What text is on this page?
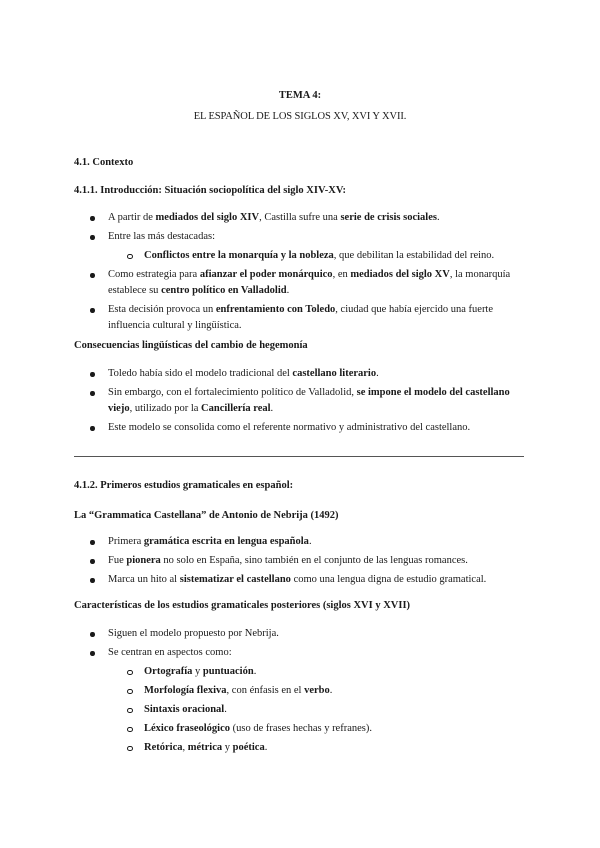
TEMA 4:

EL ESPAÑOL DE LOS SIGLOS XV, XVI Y XVII.

4.1. Contexto

4.1.1. Introducción: Situación sociopolítica del siglo XIV-XV:

A partir de mediados del siglo XIV, Castilla sufre una serie de crisis sociales.
Entre las más destacadas:
Conflictos entre la monarquía y la nobleza, que debilitan la estabilidad del reino.
Como estrategia para afianzar el poder monárquico, en mediados del siglo XV, la monarquía establece su centro político en Valladolid.
Esta decisión provoca un enfrentamiento con Toledo, ciudad que había ejercido una fuerte influencia cultural y lingüística.

Consecuencias lingüísticas del cambio de hegemonía

Toledo había sido el modelo tradicional del castellano literario.
Sin embargo, con el fortalecimiento político de Valladolid, se impone el modelo del castellano viejo, utilizado por la Cancillería real.
Este modelo se consolida como el referente normativo y administrativo del castellano.

4.1.2. Primeros estudios gramaticales en español:

La “Grammatica Castellana” de Antonio de Nebrija (1492)

Primera gramática escrita en lengua española.
Fue pionera no solo en España, sino también en el conjunto de las lenguas romances.
Marca un hito al sistematizar el castellano como una lengua digna de estudio gramatical.

Características de los estudios gramaticales posteriores (siglos XVI y XVII)

Siguen el modelo propuesto por Nebrija.
Se centran en aspectos como:
Ortografía y puntuación.
Morfología flexiva, con énfasis en el verbo.
Sintaxis oracional.
Léxico fraseológico (uso de frases hechas y refranes).
Retórica, métrica y poética.
